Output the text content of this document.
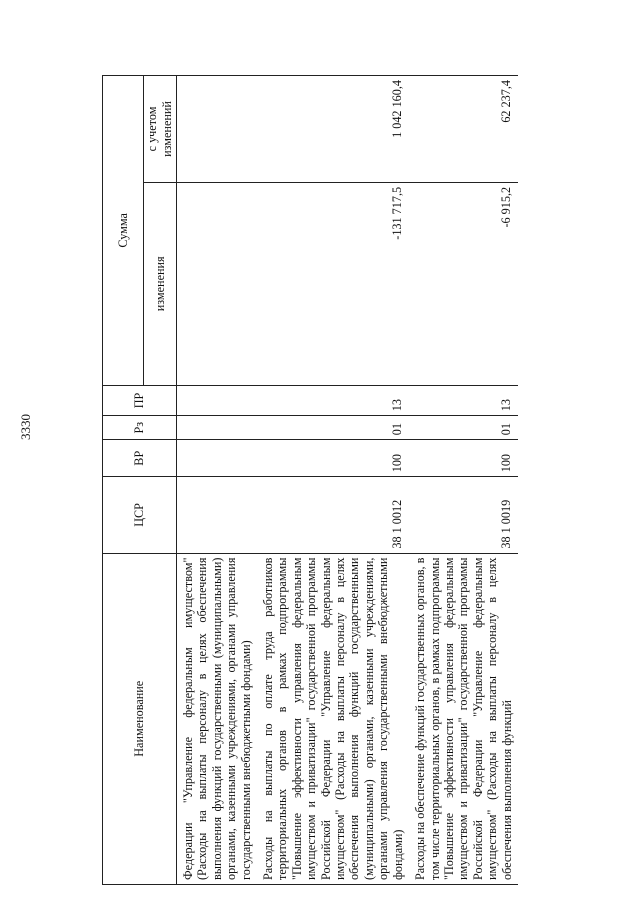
3330
Наименование	ЦСР	ВР	Рз	ПР	Сумма	
					изменения	с учетом изменений
Федерации "Управление федеральным имуществом" (Расходы на выплаты персоналу в целях обеспечения выполнения функций государственными (муниципальными) органами, казенными учреждениями, органами управления государственными внебюджетными фондами)						
Расходы на выплаты по оплате труда работников территориальных органов в рамках подпрограммы "Повышение эффективности управления федеральным имуществом и приватизации" государственной программы Российской Федерации "Управление федеральным имуществом" (Расходы на выплаты персоналу в целях обеспечения выполнения функций государственными (муниципальными) органами, казенными учреждениями, органами управления государственными внебюджетными фондами)	38 1 0012	100	01	13	-131 717,5	1 042 160,4
Расходы на обеспечение функций государственных органов, в том числе территориальных органов, в рамках подпрограммы "Повышение эффективности управления федеральным имуществом и приватизации" государственной программы Российской Федерации "Управление федеральным имуществом" (Расходы на выплаты персоналу в целях обеспечения выполнения функций	38 1 0019	100	01	13	-6 915,2	62 237,4
